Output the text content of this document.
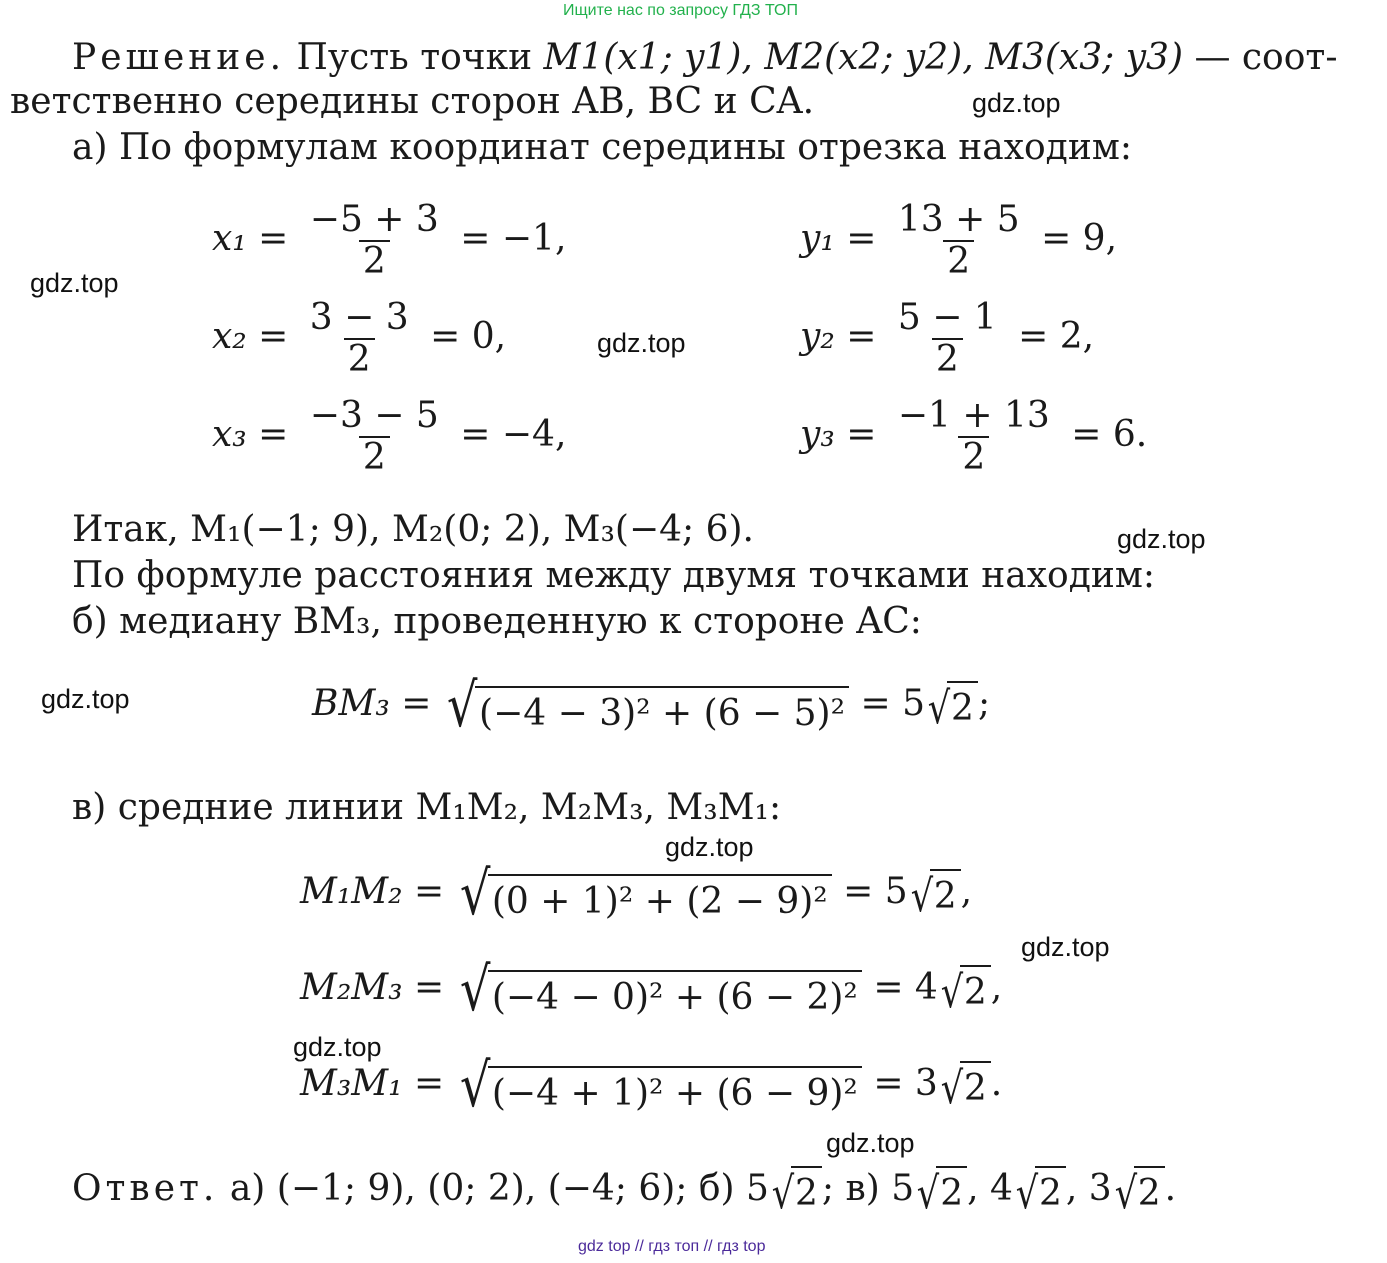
Ищите нас по запросу ГДЗ ТОП
Решение. Пусть точки M1(x1; y1), M2(x2; y2), M3(x3; y3) — соот-
ветственно середины сторон AB, BC и CA.
а) По формулам координат середины отрезка находим:
$x_1 = \frac{-5 + 3}{2} = -1$,
$x_2 = \frac{3 - 3}{2} = 0$,
$x_3 = \frac{-3 - 5}{2} = -4$,
$y_1 = \frac{13 + 5}{2} = 9$,
$y_2 = \frac{5 - 1}{2} = 2$,
$y_3 = \frac{-1 + 13}{2} = 6$.
Итак, M₁(−1; 9), M₂(0; 2), M₃(−4; 6).
По формуле расстояния между двумя точками находим:
б) медиану BM₃, проведенную к стороне AC:
BM₃ = √ (−4 − 3)² + (6 − 5)² = 5 √ 2 ;
в) средние линии M₁M₂, M₂M₃, M₃M₁:
M₁M₂ = √ (0 + 1)² + (2 − 9)² = 5 √ 2 ,
M₂M₃ = √ (−4 − 0)² + (6 − 2)² = 4 √ 2 ,
M₃M₁ = √ (−4 + 1)² + (6 − 9)² = 3 √ 2 .
Ответ. а) (−1; 9), (0; 2), (−4; 6); б) 5 √ 2 ; в) 5 √ 2 , 4 √ 2 , 3 √ 2 .
gdz.top
gdz.top
gdz.top
gdz.top
gdz.top
gdz.top
gdz.top
gdz.top
gdz.top
gdz top // гдз топ // гдз top
